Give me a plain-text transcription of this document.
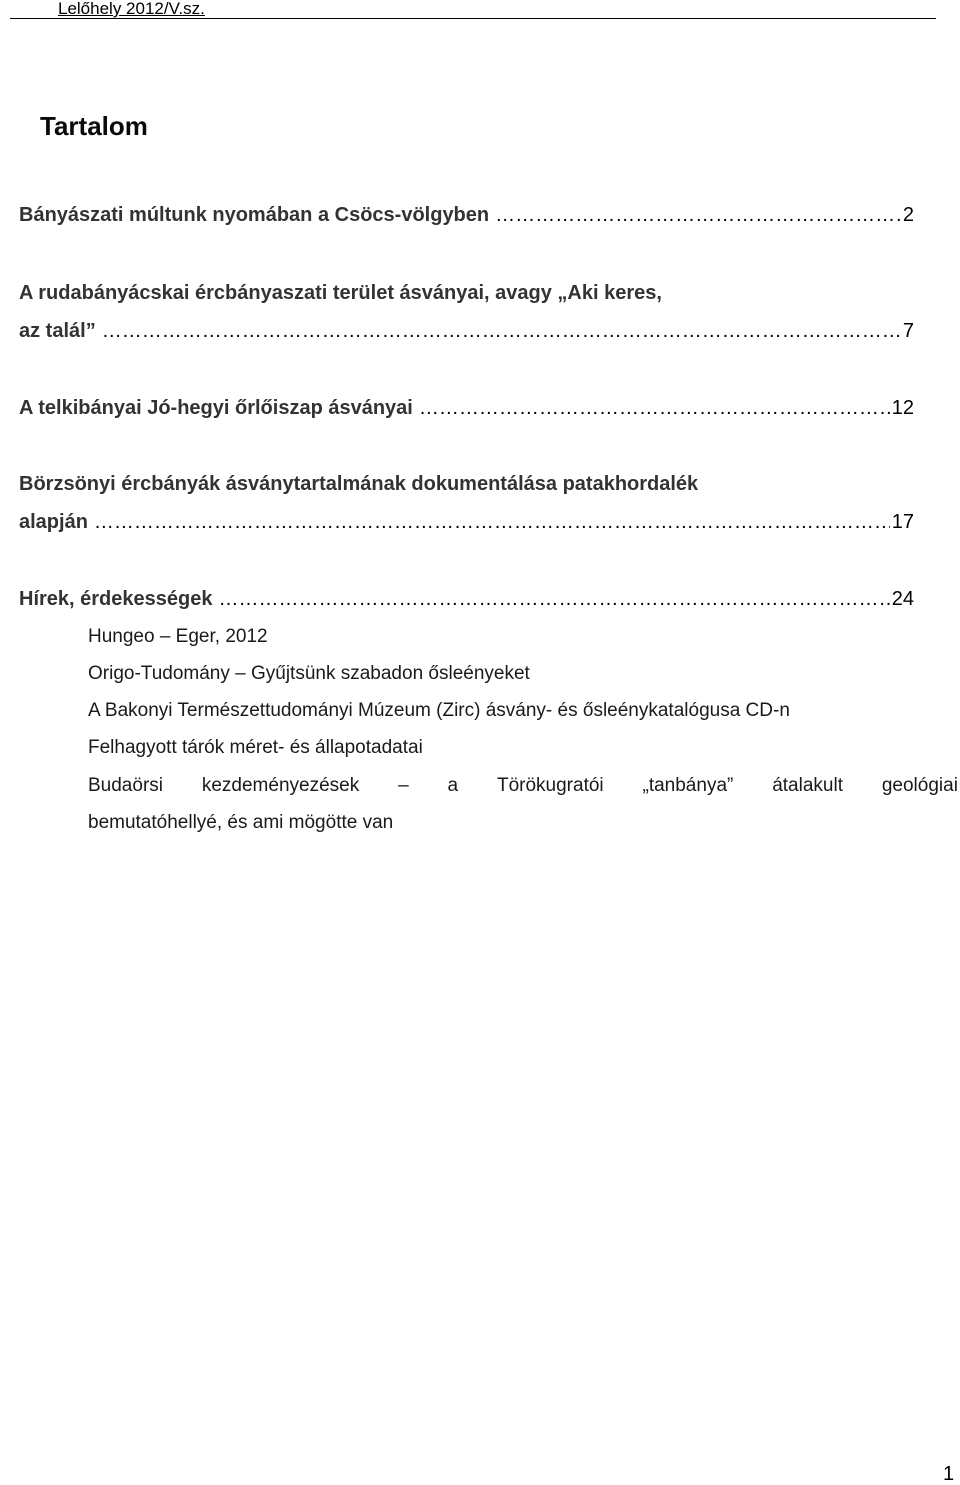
Lelőhely 2012/V.sz.
Tartalom
Bányászati múltunk nyomában a Csöcs-völgyben ……………………………………………………………………………………………………………………………………………………………………………………	2
A rudabányácskai ércbányaszati terület ásványai, avagy „Aki keres,
az talál” ……………………………………………………………………………………………………………………………………………………………………………………	7
A telkibányai Jó-hegyi őrlőiszap ásványai ……………………………………………………………………………………………………………………………………………………………………………………	12
Börzsönyi ércbányák ásványtartalmának dokumentálása patakhordalék
alapján ……………………………………………………………………………………………………………………………………………………………………………………	17
Hírek, érdekességek ……………………………………………………………………………………………………………………………………………………………………………………	24
Hungeo – Eger, 2012
Origo-Tudomány – Gyűjtsünk szabadon ősleényeket
A Bakonyi Természettudományi Múzeum (Zirc) ásvány- és ősleénykatalógusa CD-n
Felhagyott tárók méret- és állapotadatai
Budaörsi kezdeményezések – a Törökugratói „tanbánya” átalakult geológiai
bemutatóhellyé, és ami mögötte van
1
